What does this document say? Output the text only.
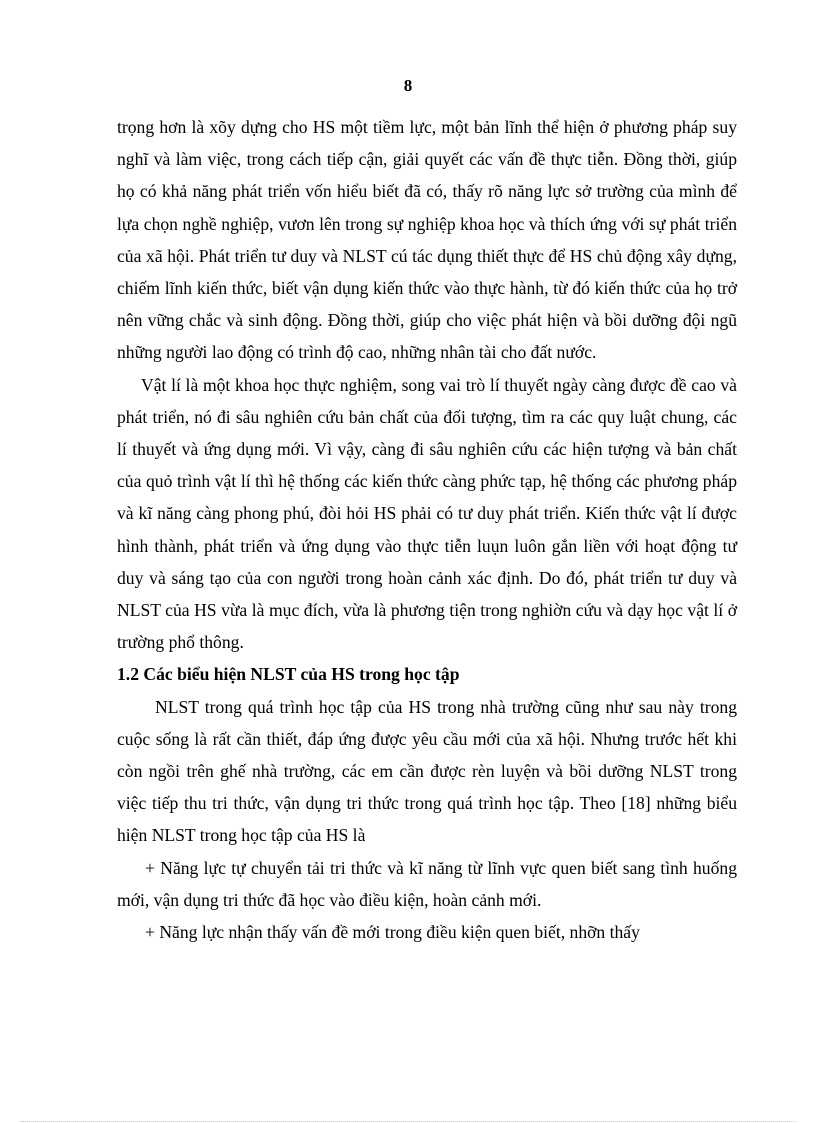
8

trọng hơn là xõy dựng cho HS một tiềm lực, một bản lĩnh thể hiện ở phương pháp suy nghĩ và làm việc, trong cách tiếp cận, giải quyết các vấn đề thực tiễn. Đồng thời, giúp họ có khả năng phát triển vốn hiểu biết đã có, thấy rõ năng lực sở trường của mình để lựa chọn nghề nghiệp, vươn lên trong sự nghiệp khoa học và thích ứng với sự phát triển của xã hội. Phát triển tư duy và NLST cú tác dụng thiết thực để HS chủ động xây dựng, chiếm lĩnh kiến thức, biết vận dụng kiến thức vào thực hành, từ đó kiến thức của họ trở nên vững chắc và sinh động. Đồng thời, giúp cho việc phát hiện và bồi dưỡng đội ngũ những người lao động có trình độ cao, những nhân tài cho đất nước.

Vật lí là một khoa học thực nghiệm, song vai trò lí thuyết ngày càng được đề cao và phát triển, nó đi sâu nghiên cứu bản chất của đối tượng, tìm ra các quy luật chung, các lí thuyết và ứng dụng mới. Vì vậy, càng đi sâu nghiên cứu các hiện tượng và bản chất của quỏ trình vật lí thì hệ thống các kiến thức càng phức tạp, hệ thống các phương pháp và kĩ năng càng phong phú, đòi hỏi HS phải có tư duy phát triển. Kiến thức vật lí được hình thành, phát triển và ứng dụng vào thực tiễn luụn luôn gắn liền với hoạt động tư duy và sáng tạo của con người trong hoàn cảnh xác định. Do đó, phát triển tư duy và NLST của HS vừa là mục đích, vừa là phương tiện trong nghiờn cứu và dạy học vật lí ở trường phổ thông.

1.2 Các biểu hiện NLST của HS trong học tập

NLST trong quá trình học tập của HS trong nhà trường cũng như sau này trong cuộc sống là rất cần thiết, đáp ứng được yêu cầu mới của xã hội. Nhưng trước hết khi còn ngồi trên ghế nhà trường, các em cần được rèn luyện và bồi dưỡng NLST trong việc tiếp thu tri thức, vận dụng tri thức trong quá trình học tập. Theo [18] những biểu hiện NLST trong học tập của HS là

+ Năng lực tự chuyển tải tri thức và kĩ năng từ lĩnh vực quen biết sang tình huống mới, vận dụng tri thức đã học vào điều kiện, hoàn cảnh mới.

+ Năng lực nhận thấy vấn đề mới trong điều kiện quen biết, nhỡn thấy
